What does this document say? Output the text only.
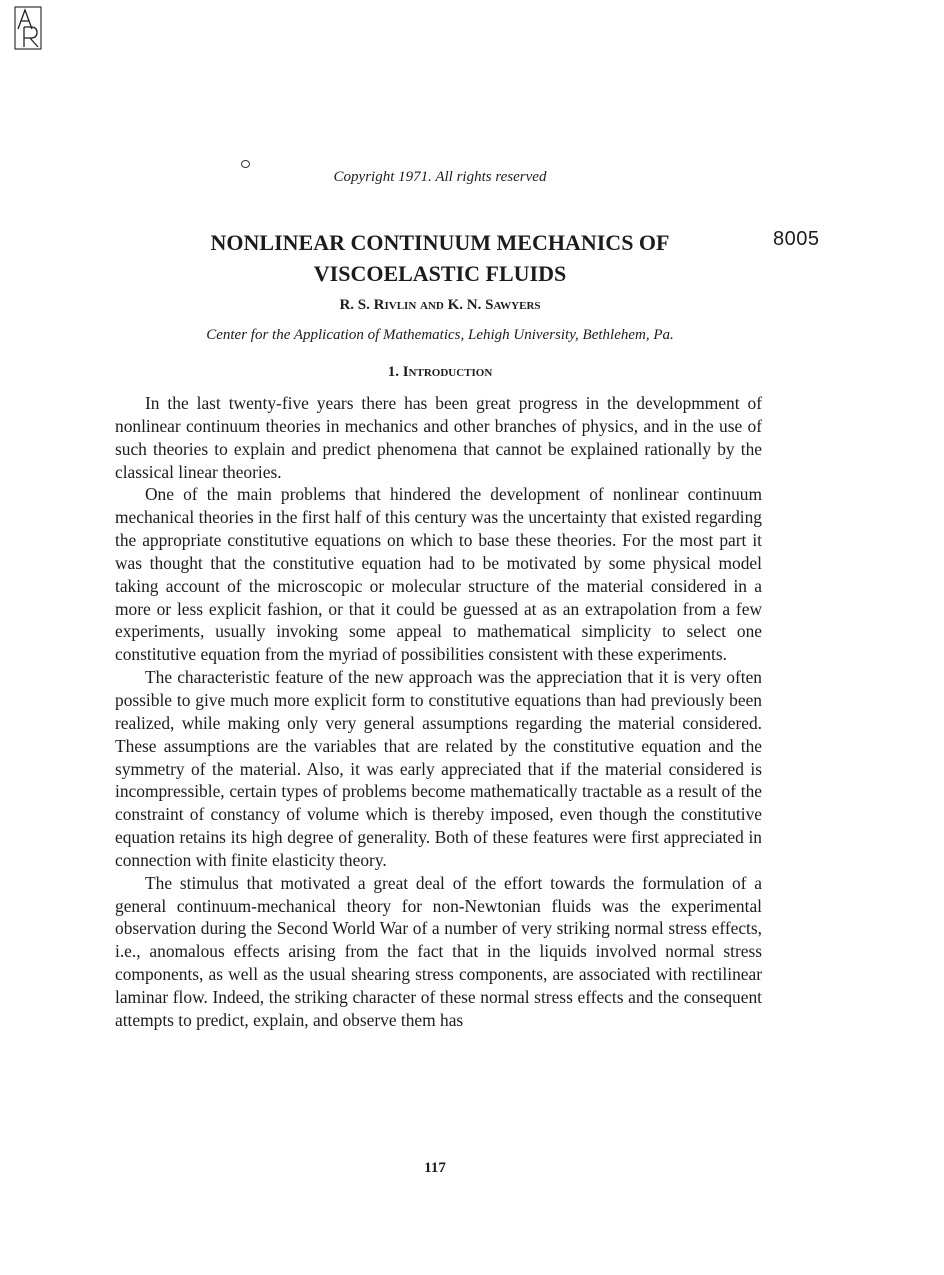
Copyright 1971. All rights reserved
NONLINEAR CONTINUUM MECHANICS OF
VISCOELASTIC FLUIDS
8005
R. S. Rivlin and K. N. Sawyers
Center for the Application of Mathematics, Lehigh University, Bethlehem, Pa.
1. Introduction

In the last twenty-five years there has been great progress in the developmment of nonlinear continuum theories in mechanics and other branches of physics, and in the use of such theories to explain and predict phenomena that cannot be explained rationally by the classical linear theories.

One of the main problems that hindered the development of nonlinear continuum mechanical theories in the first half of this century was the uncertainty that existed regarding the appropriate constitutive equations on which to base these theories. For the most part it was thought that the constitutive equation had to be motivated by some physical model taking account of the microscopic or molecular structure of the material considered in a more or less explicit fashion, or that it could be guessed at as an extrapolation from a few experiments, usually invoking some appeal to mathematical simplicity to select one constitutive equation from the myriad of possibilities consistent with these experiments.

The characteristic feature of the new approach was the appreciation that it is very often possible to give much more explicit form to constitutive equations than had previously been realized, while making only very general assumptions regarding the material considered. These assumptions are the variables that are related by the constitutive equation and the symmetry of the material. Also, it was early appreciated that if the material considered is incompressible, certain types of problems become mathematically tractable as a result of the constraint of constancy of volume which is thereby imposed, even though the constitutive equation retains its high degree of generality. Both of these features were first appreciated in connection with finite elasticity theory.

The stimulus that motivated a great deal of the effort towards the formulation of a general continuum-mechanical theory for non-Newtonian fluids was the experimental observation during the Second World War of a number of very striking normal stress effects, i.e., anomalous effects arising from the fact that in the liquids involved normal stress components, as well as the usual shearing stress components, are associated with rectilinear laminar flow. Indeed, the striking character of these normal stress effects and the consequent attempts to predict, explain, and observe them has

117
